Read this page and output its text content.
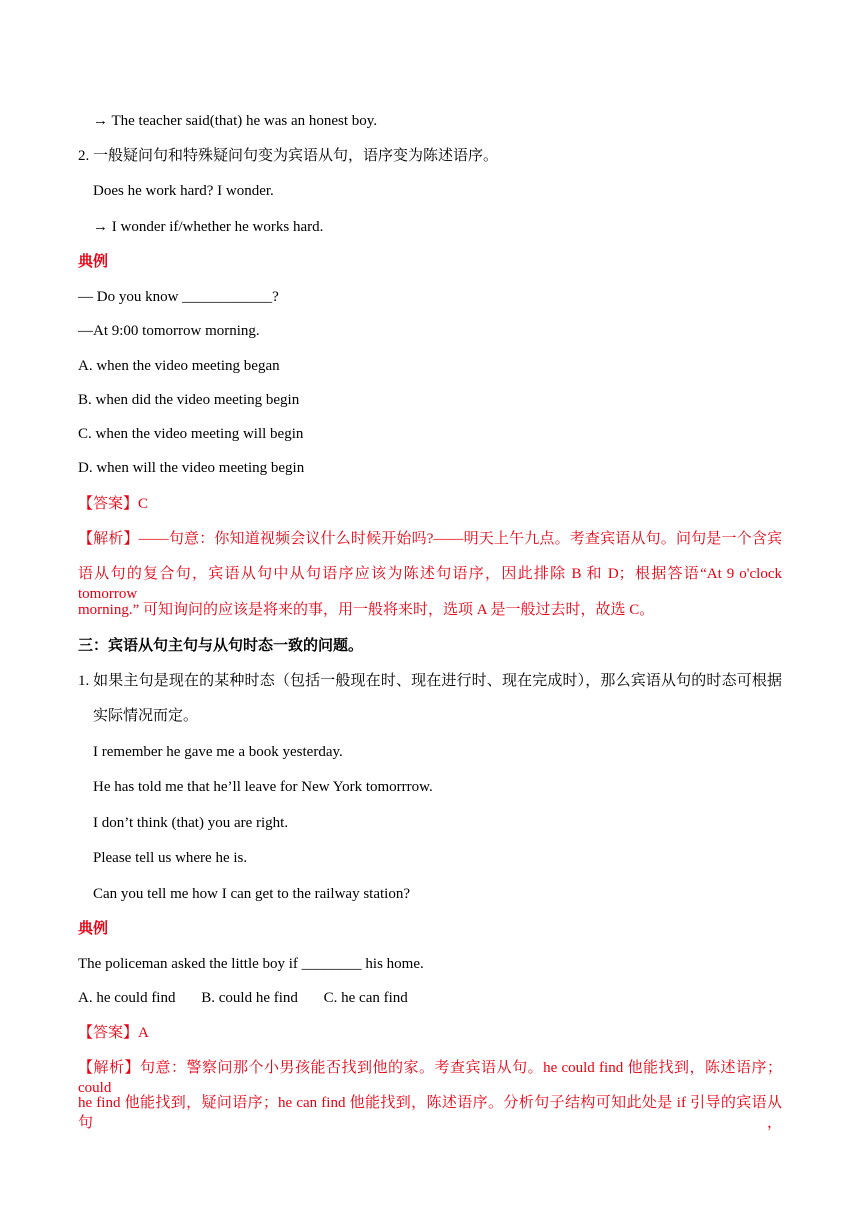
→ The teacher said(that) he was an honest boy.
2. 一般疑问句和特殊疑问句变为宾语从句，语序变为陈述语序。
Does he work hard? I wonder.
→ I wonder if/whether he works hard.
典例
— Do you know ____________?
—At 9:00 tomorrow morning.
A. when the video meeting began
B. when did the video meeting begin
C. when the video meeting will begin
D. when will the video meeting begin
【答案】C
【解析】——句意：你知道视频会议什么时候开始吗?——明天上午九点。考查宾语从句。问句是一个含宾
语从句的复合句，宾语从句中从句语序应该为陈述句语序，因此排除 B 和 D；根据答语“At 9 o'clock tomorrow
morning.” 可知询问的应该是将来的事，用一般将来时，选项 A 是一般过去时，故选 C。
三：宾语从句主句与从句时态一致的问题。
1. 如果主句是现在的某种时态（包括一般现在时、现在进行时、现在完成时），那么宾语从句的时态可根据
实际情况而定。
I remember he gave me a book yesterday.
He has told me that he’ll leave for New York tomorrrow.
I don’t think (that) you are right.
Please tell us where he is.
Can you tell me how I can get to the railway station?
典例
The policeman asked the little boy if ________ his home.
A. he could find B. could he find C. he can find
【答案】A
【解析】句意：警察问那个小男孩能否找到他的家。考查宾语从句。he could find 他能找到，陈述语序；could
he find 他能找到，疑问语序；he can find 他能找到，陈述语序。分析句子结构可知此处是 if 引导的宾语从句，
